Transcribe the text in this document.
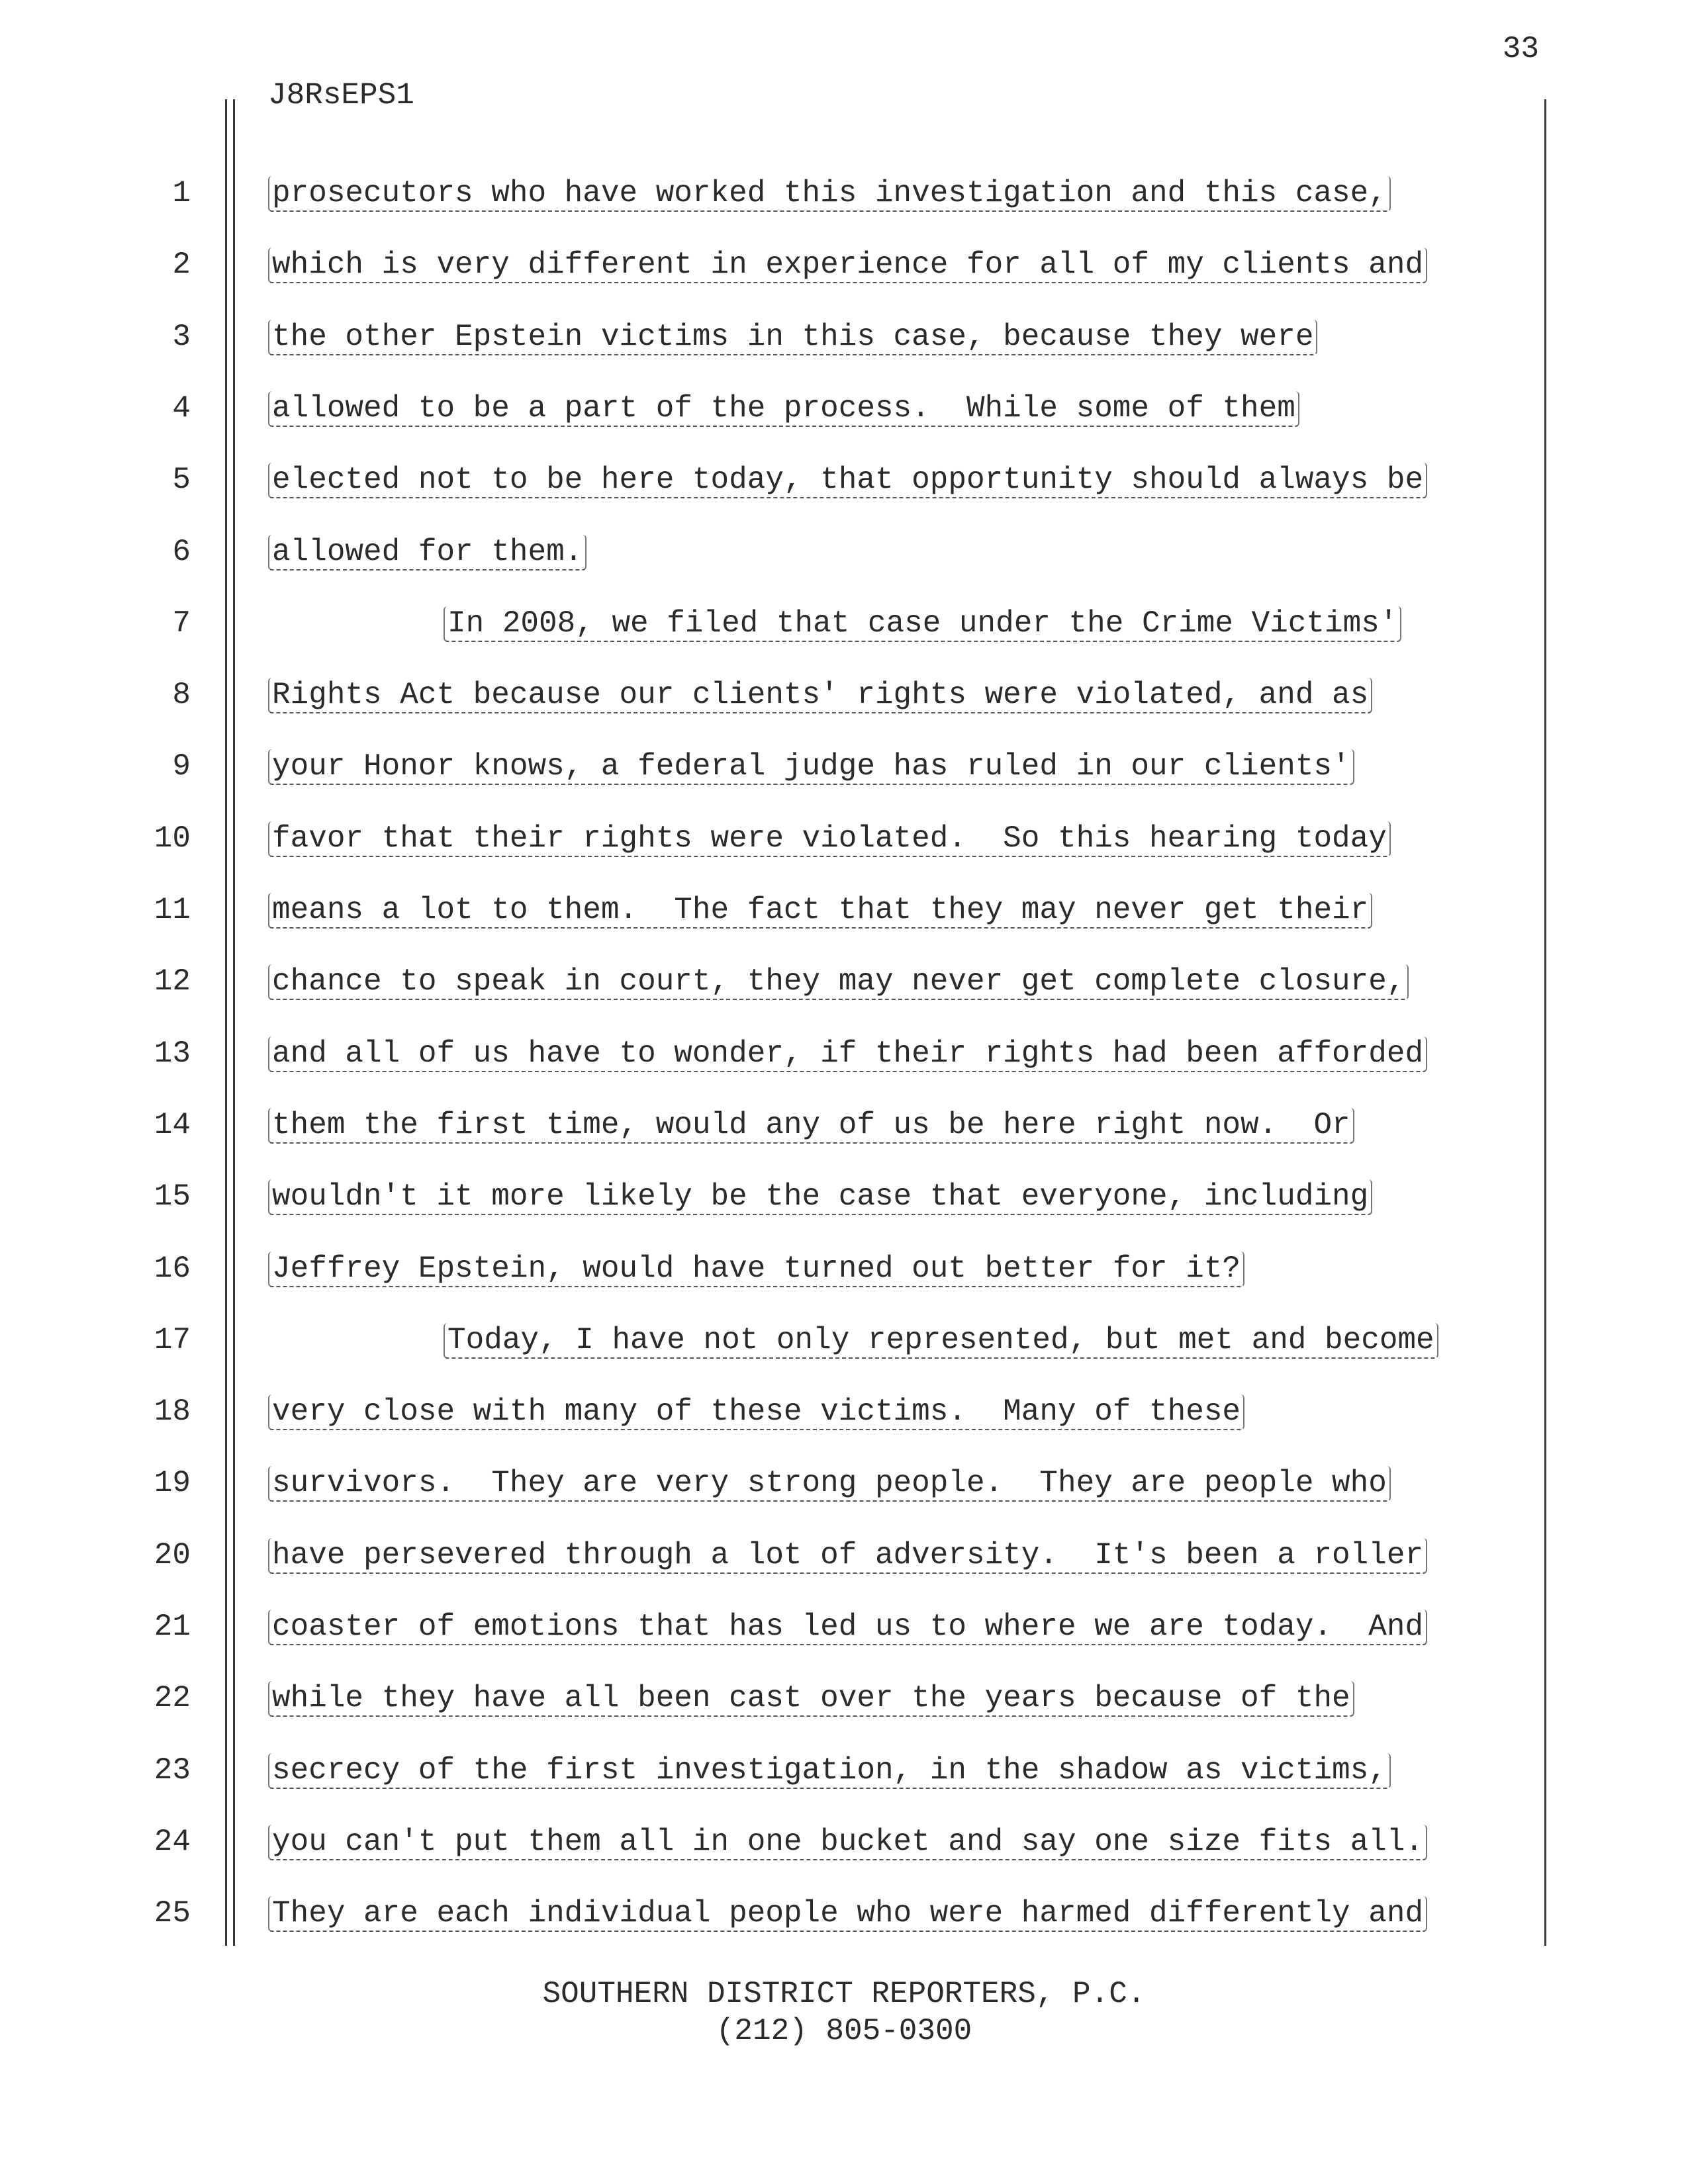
33
J8RsEPS1
1	prosecutors who have worked this investigation and this case,
2	which is very different in experience for all of my clients and
3	the other Epstein victims in this case, because they were
4	allowed to be a part of the process.  While some of them
5	elected not to be here today, that opportunity should always be
6	allowed for them.
7	In 2008, we filed that case under the Crime Victims'
8	Rights Act because our clients' rights were violated, and as
9	your Honor knows, a federal judge has ruled in our clients'
10	favor that their rights were violated.  So this hearing today
11	means a lot to them.  The fact that they may never get their
12	chance to speak in court, they may never get complete closure,
13	and all of us have to wonder, if their rights had been afforded
14	them the first time, would any of us be here right now.  Or
15	wouldn't it more likely be the case that everyone, including
16	Jeffrey Epstein, would have turned out better for it?
17	Today, I have not only represented, but met and become
18	very close with many of these victims.  Many of these
19	survivors.  They are very strong people.  They are people who
20	have persevered through a lot of adversity.  It's been a roller
21	coaster of emotions that has led us to where we are today.  And
22	while they have all been cast over the years because of the
23	secrecy of the first investigation, in the shadow as victims,
24	you can't put them all in one bucket and say one size fits all.
25	They are each individual people who were harmed differently and
SOUTHERN DISTRICT REPORTERS, P.C.
(212) 805-0300
